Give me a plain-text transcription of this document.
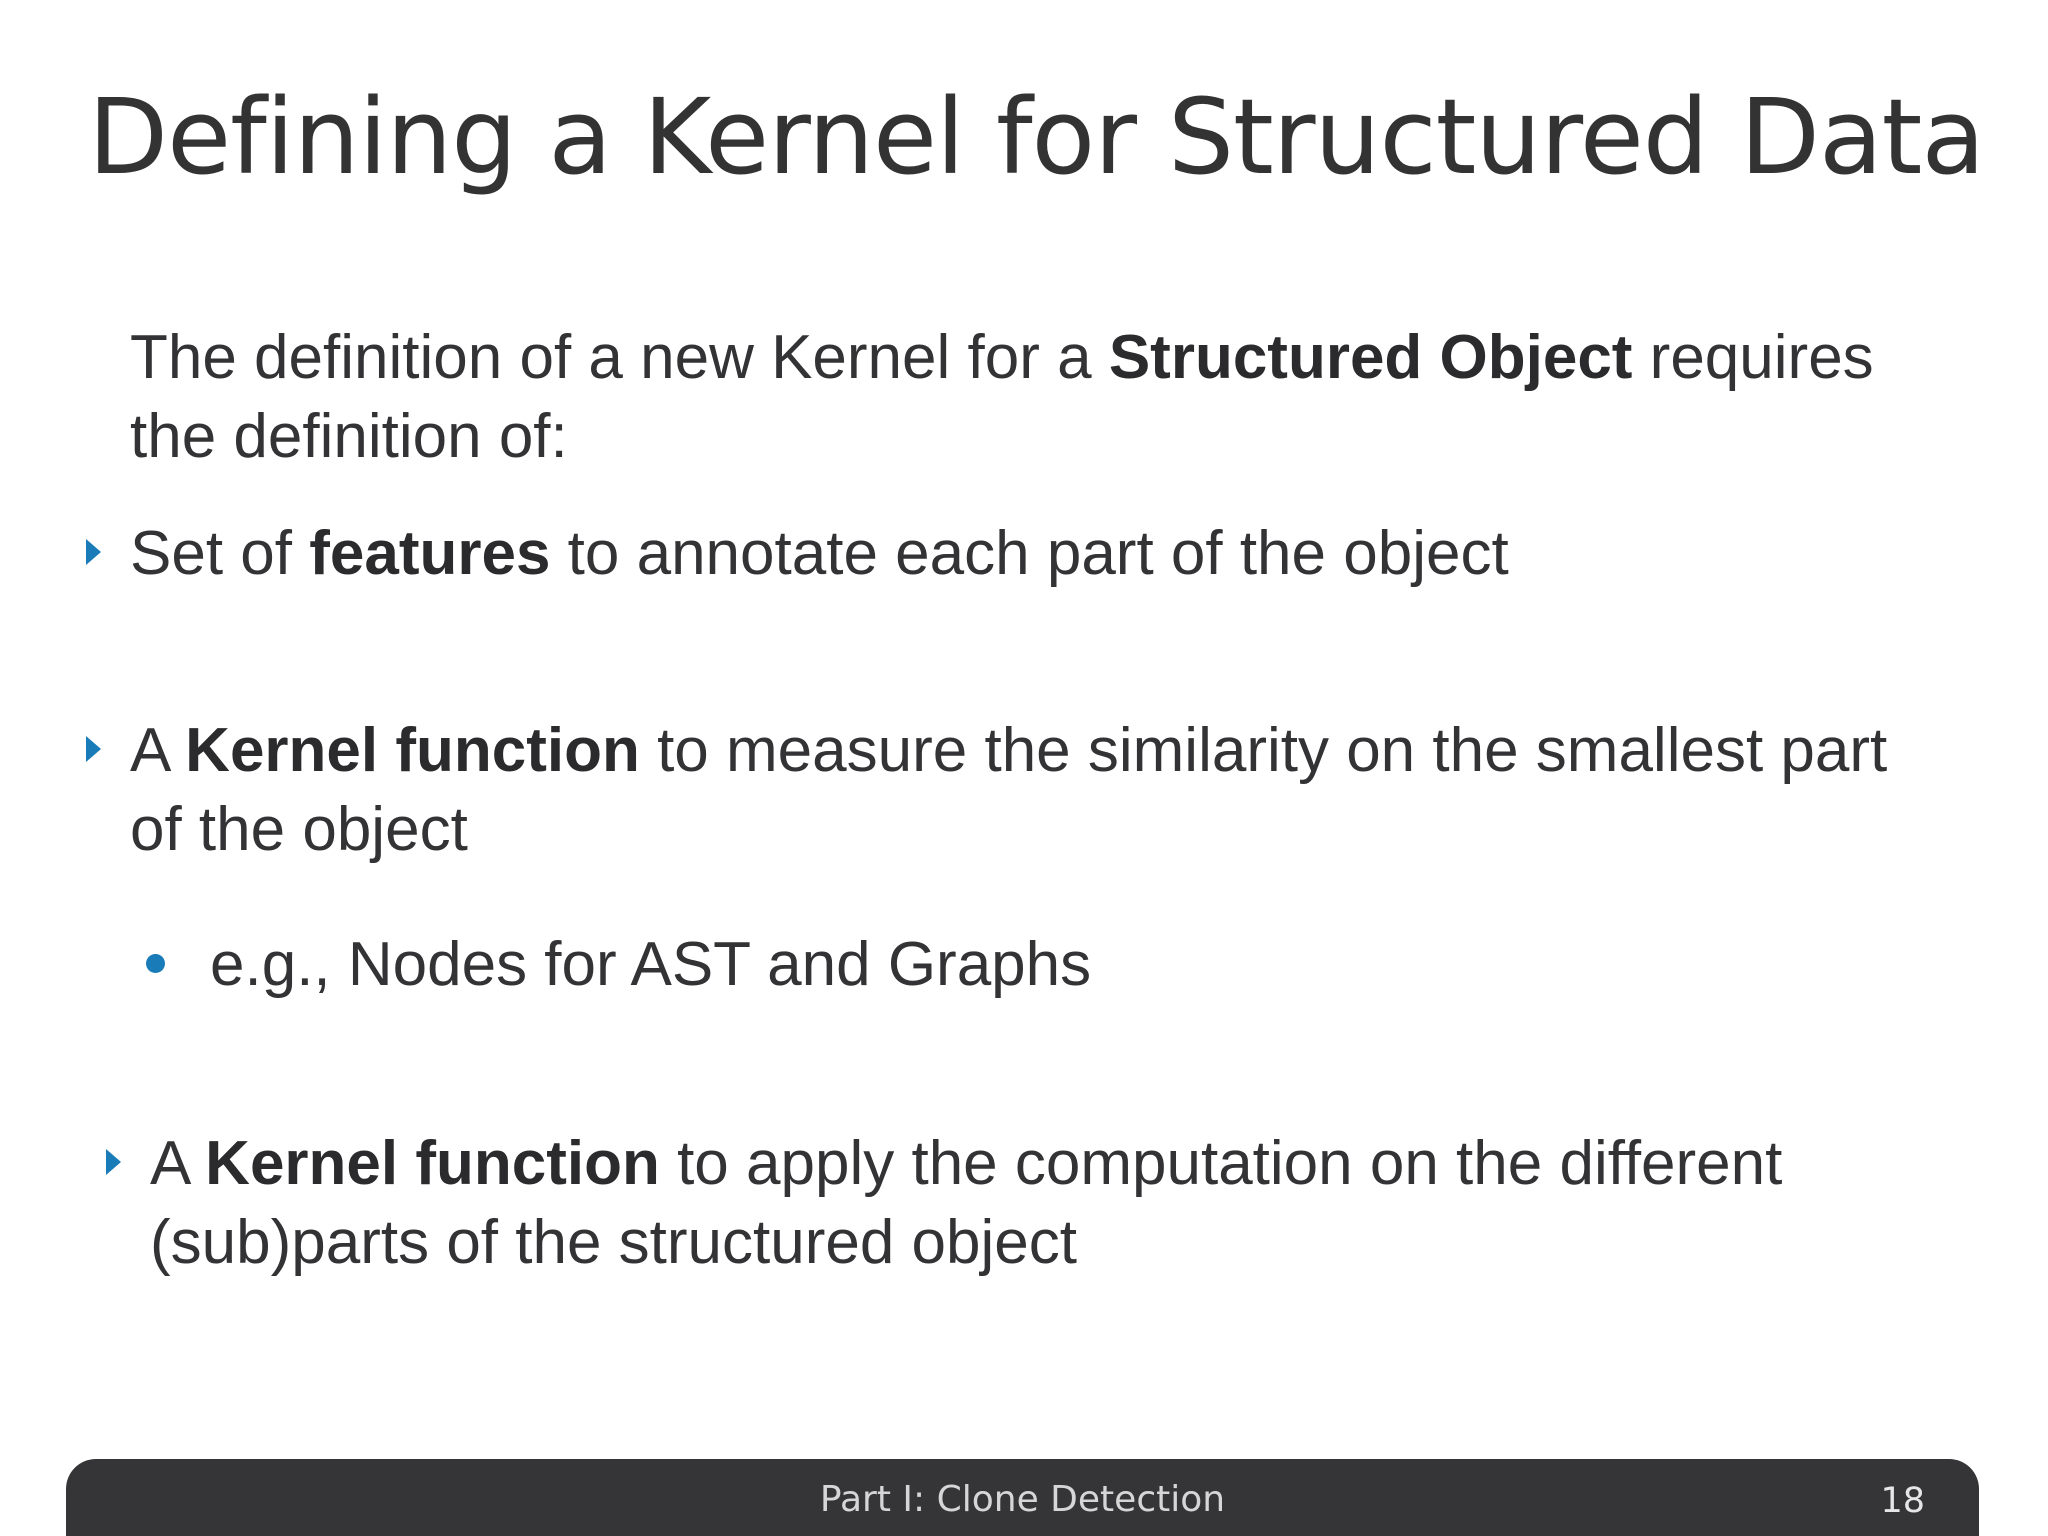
Defining a Kernel for Structured Data
The definition of a new Kernel for a Structured Object requires the definition of:
Set of features to annotate each part of the object
A Kernel function to measure the similarity on the smallest part of the object
e.g., Nodes for AST and Graphs
A Kernel function to apply the computation on the different (sub)parts of the structured object
Part I: Clone Detection	18
